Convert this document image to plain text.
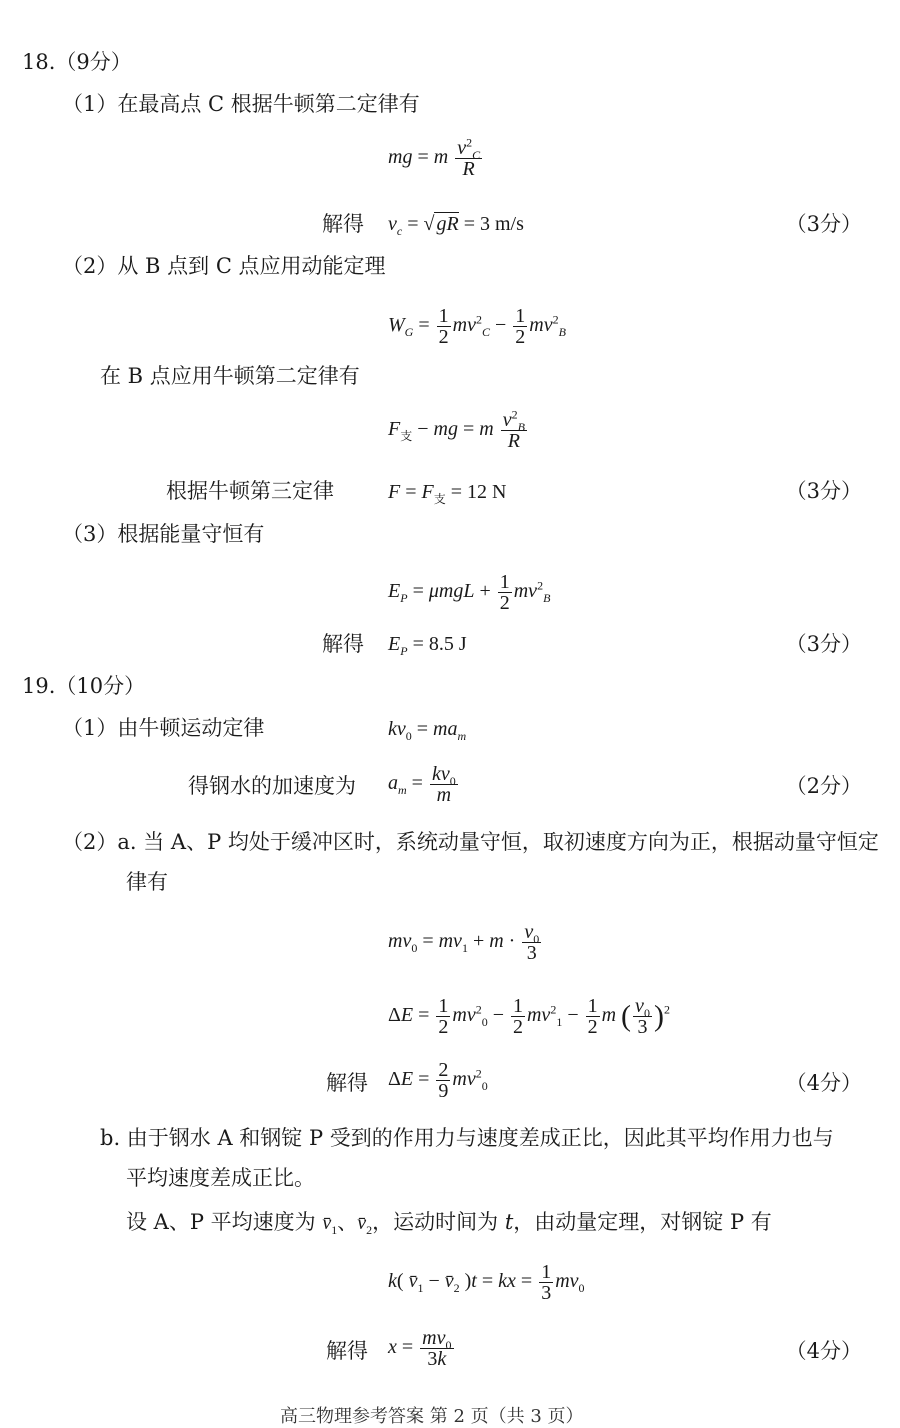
18.（9分）
（1）在最高点 C 根据牛顿第二定律有
mg = m $\frac{v^2_C}{R}$
解得 $v_c$ = √ gR = 3 m/s	（3分）
（2）从 B 点到 C 点应用动能定理
$W_G = \frac{1}{2} mv^2_C - \frac{1}{2} mv^2_B$
在 B 点应用牛顿第二定律有
$F_支$ − mg = m $\frac{v^2_B}{R}$
根据牛顿第三定律	$F = F_支 = 12$ N	（3分）
（3）根据能量守恒有
$E_P = \mu mgL + \frac{1}{2} mv^2_B$
解得 $E_P = 8.5$ J	（3分）
19.（10分）
（1）由牛顿运动定律	$kv_0 = ma_m$
得钢水的加速度为 $a_m = \frac{kv_0}{m}$	（2分）
（2）a. 当 A、P 均处于缓冲区时，系统动量守恒，取初速度方向为正，根据动量守恒定
律有
$mv_0 = mv_1 + m \cdot \frac{v_0}{3}$
$\Delta E = \frac{1}{2} mv^2_0 - \frac{1}{2} mv^2_1 - \frac{1}{2}$ m ( $\frac{v_0}{3} )^2$
解得 $\Delta E = \frac{2}{9} mv^2_0$	（4分）
b. 由于钢水 A 和钢锭 P 受到的作用力与速度差成正比，因此其平均作用力也与
平均速度差成正比。
设 A、P 平均速度为 $v̄_1$、$v̄_2$，运动时间为 t，由动量定理，对钢锭 P 有
k( $v̄_1$ − $v̄_2$ )t = kx = $\frac{1}{3} mv_0$
解得 $x = \frac{mv_0}{3k}$	（4分）
高三物理参考答案 第 2 页（共 3 页）
